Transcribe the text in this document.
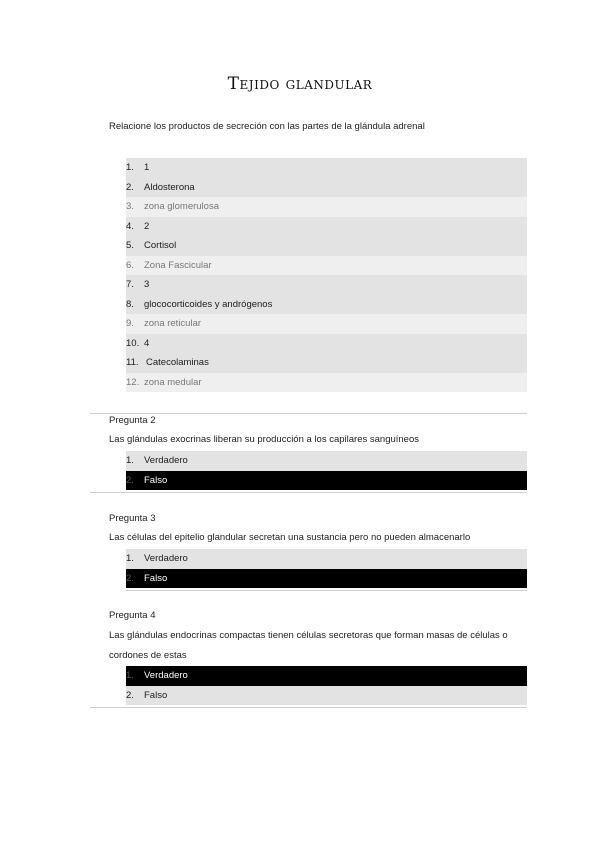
Tejido glandular
Relacione los productos de secreción con las partes de la glándula adrenal
1. 1
2. Aldosterona
3. zona glomerulosa
4. 2
5. Cortisol
6. Zona Fascicular
7. 3
8. glococorticoides y andrógenos
9. zona reticular
10. 4
11. Catecolaminas
12. zona medular
Pregunta 2
Las glándulas exocrinas liberan su producción a los capilares sanguíneos
1. Verdadero
2. Falso
Pregunta 3
Las células del epitelio glandular secretan una sustancia pero no pueden almacenarlo
1. Verdadero
2. Falso
Pregunta 4
Las glándulas endocrinas compactas tienen células secretoras que forman masas de células o cordones de estas
1. Verdadero
2. Falso
